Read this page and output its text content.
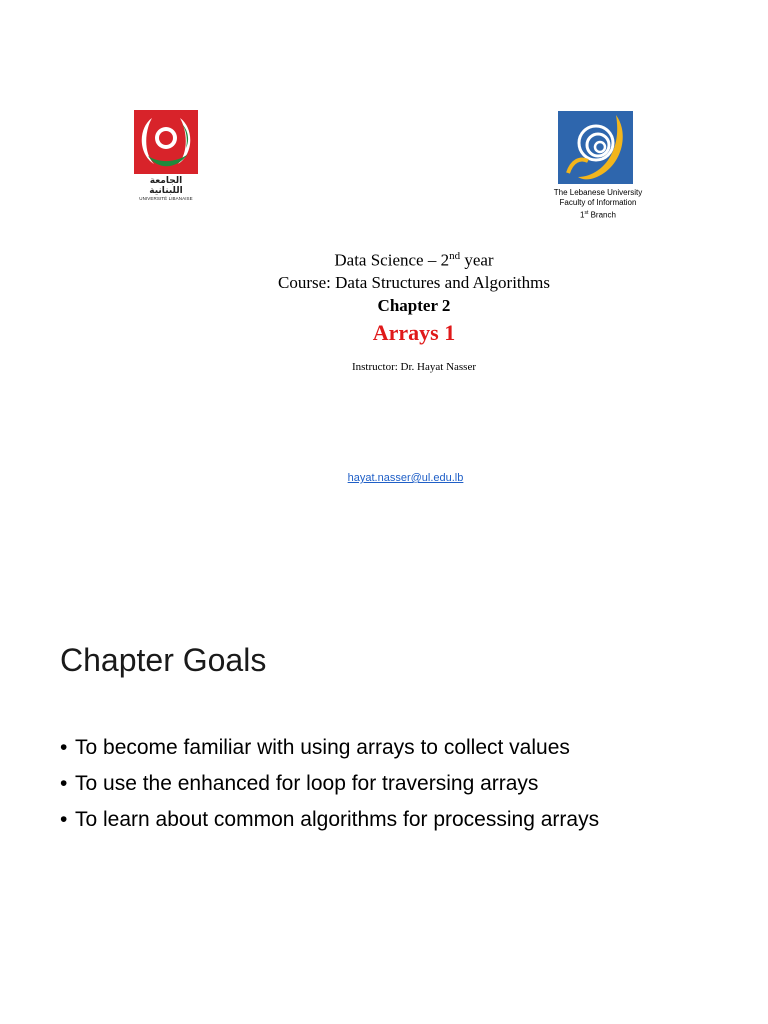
الجامعة اللبنانية
UNIVERSITÉ LIBANAISE
The Lebanese University
Faculty of Information
1st Branch
Data Science – 2nd year
Course: Data Structures and Algorithms
Chapter 2
Arrays 1
Instructor: Dr. Hayat Nasser
hayat.nasser@ul.edu.lb
Chapter Goals
• To become familiar with using arrays to collect values
• To use the enhanced for loop for traversing arrays
• To learn about common algorithms for processing arrays
